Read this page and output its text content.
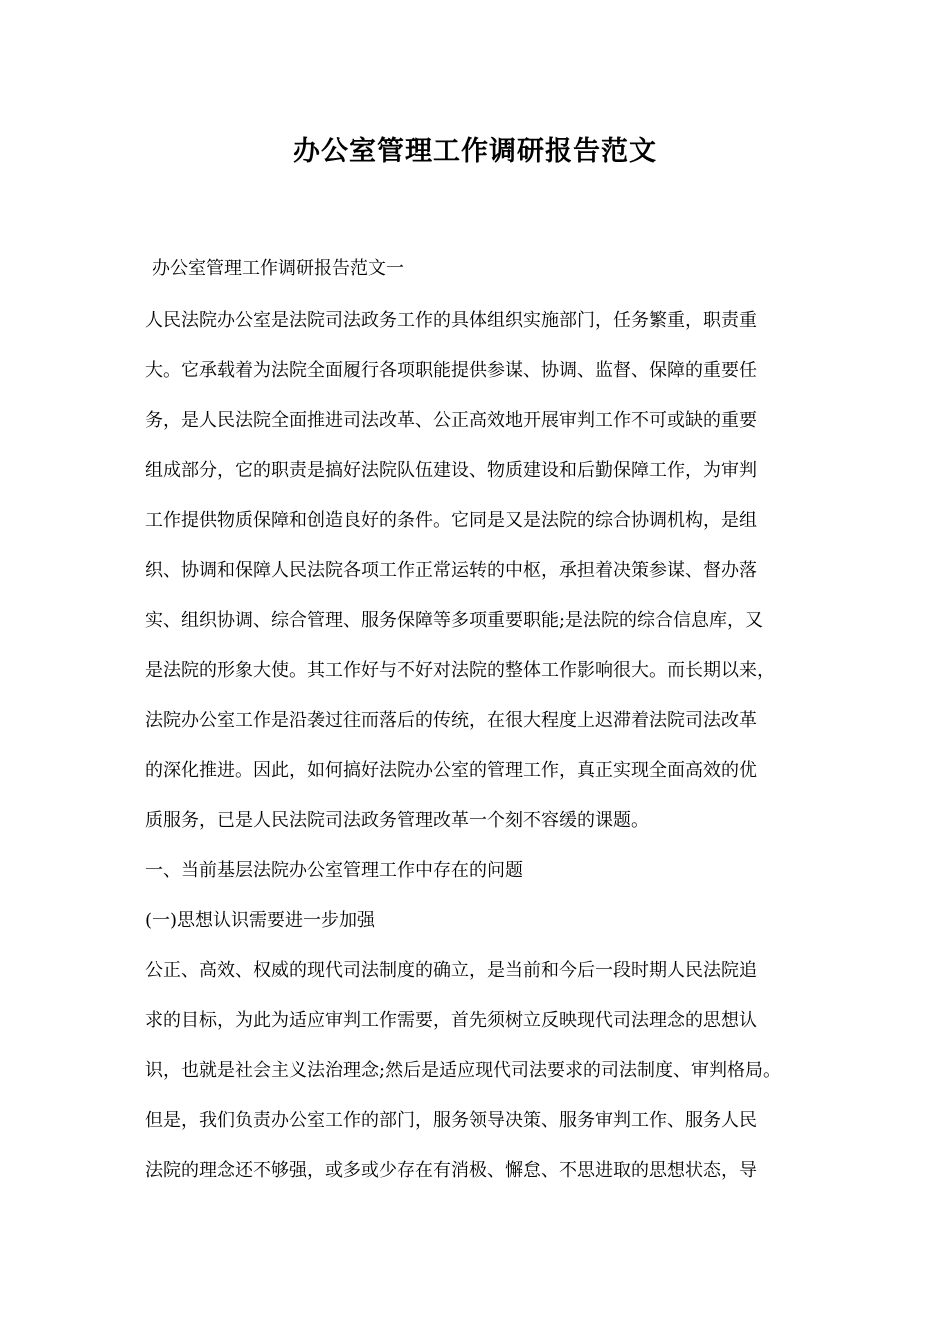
办公室管理工作调研报告范文

办公室管理工作调研报告范文一

人民法院办公室是法院司法政务工作的具体组织实施部门，任务繁重，职责重

大。它承载着为法院全面履行各项职能提供参谋、协调、监督、保障的重要任

务，是人民法院全面推进司法改革、公正高效地开展审判工作不可或缺的重要

组成部分，它的职责是搞好法院队伍建设、物质建设和后勤保障工作，为审判

工作提供物质保障和创造良好的条件。它同是又是法院的综合协调机构，是组

织、协调和保障人民法院各项工作正常运转的中枢，承担着决策参谋、督办落

实、组织协调、综合管理、服务保障等多项重要职能;是法院的综合信息库，又

是法院的形象大使。其工作好与不好对法院的整体工作影响很大。而长期以来，

法院办公室工作是沿袭过往而落后的传统，在很大程度上迟滞着法院司法改革

的深化推进。因此，如何搞好法院办公室的管理工作，真正实现全面高效的优

质服务，已是人民法院司法政务管理改革一个刻不容缓的课题。

一、当前基层法院办公室管理工作中存在的问题

(一)思想认识需要进一步加强

公正、高效、权威的现代司法制度的确立，是当前和今后一段时期人民法院追

求的目标，为此为适应审判工作需要，首先须树立反映现代司法理念的思想认

识，也就是社会主义法治理念;然后是适应现代司法要求的司法制度、审判格局。

但是，我们负责办公室工作的部门，服务领导决策、服务审判工作、服务人民

法院的理念还不够强，或多或少存在有消极、懈怠、不思进取的思想状态，导
